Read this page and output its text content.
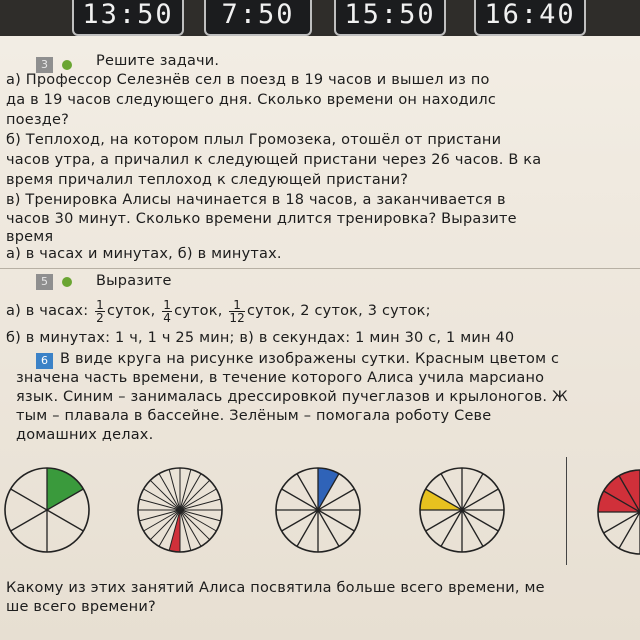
13:50	7:50	15:50	16:40
3	Решите задачи.
а) Профессор Селезнёв сел в поезд в 19 часов и вышел из по
да в 19 часов следующего дня. Сколько времени он находилс
поезде?
б) Теплоход, на котором плыл Громозека, отошёл от пристани
часов утра, а причалил к следующей пристани через 26 часов. В ка
время причалил теплоход к следующей пристани?
в) Тренировка Алисы начинается в 18 часов, а заканчивается в
часов 30 минут. Сколько времени длится тренировка? Выразите
время
а) в часах и минутах, б) в минутах.
5	Выразите
а) в часах: $\frac{1}{2}$ суток, $\frac{1}{4}$ суток, $\frac{1}{12}$ суток, 2 суток, 3 суток;
б) в минутах: 1 ч, 1 ч 25 мин; в) в секундах: 1 мин 30 с, 1 мин 40
6 В виде круга на рисунке изображены сутки. Красным цветом с
значена часть времени, в течение которого Алиса учила марсиано
язык. Синим – занималась дрессировкой пучеглазов и крылоногов. Ж
тым – плавала в бассейне. Зелёным – помогала роботу Севе
домашних делах.
Какому из этих занятий Алиса посвятила больше всего времени, ме
ше всего времени?
